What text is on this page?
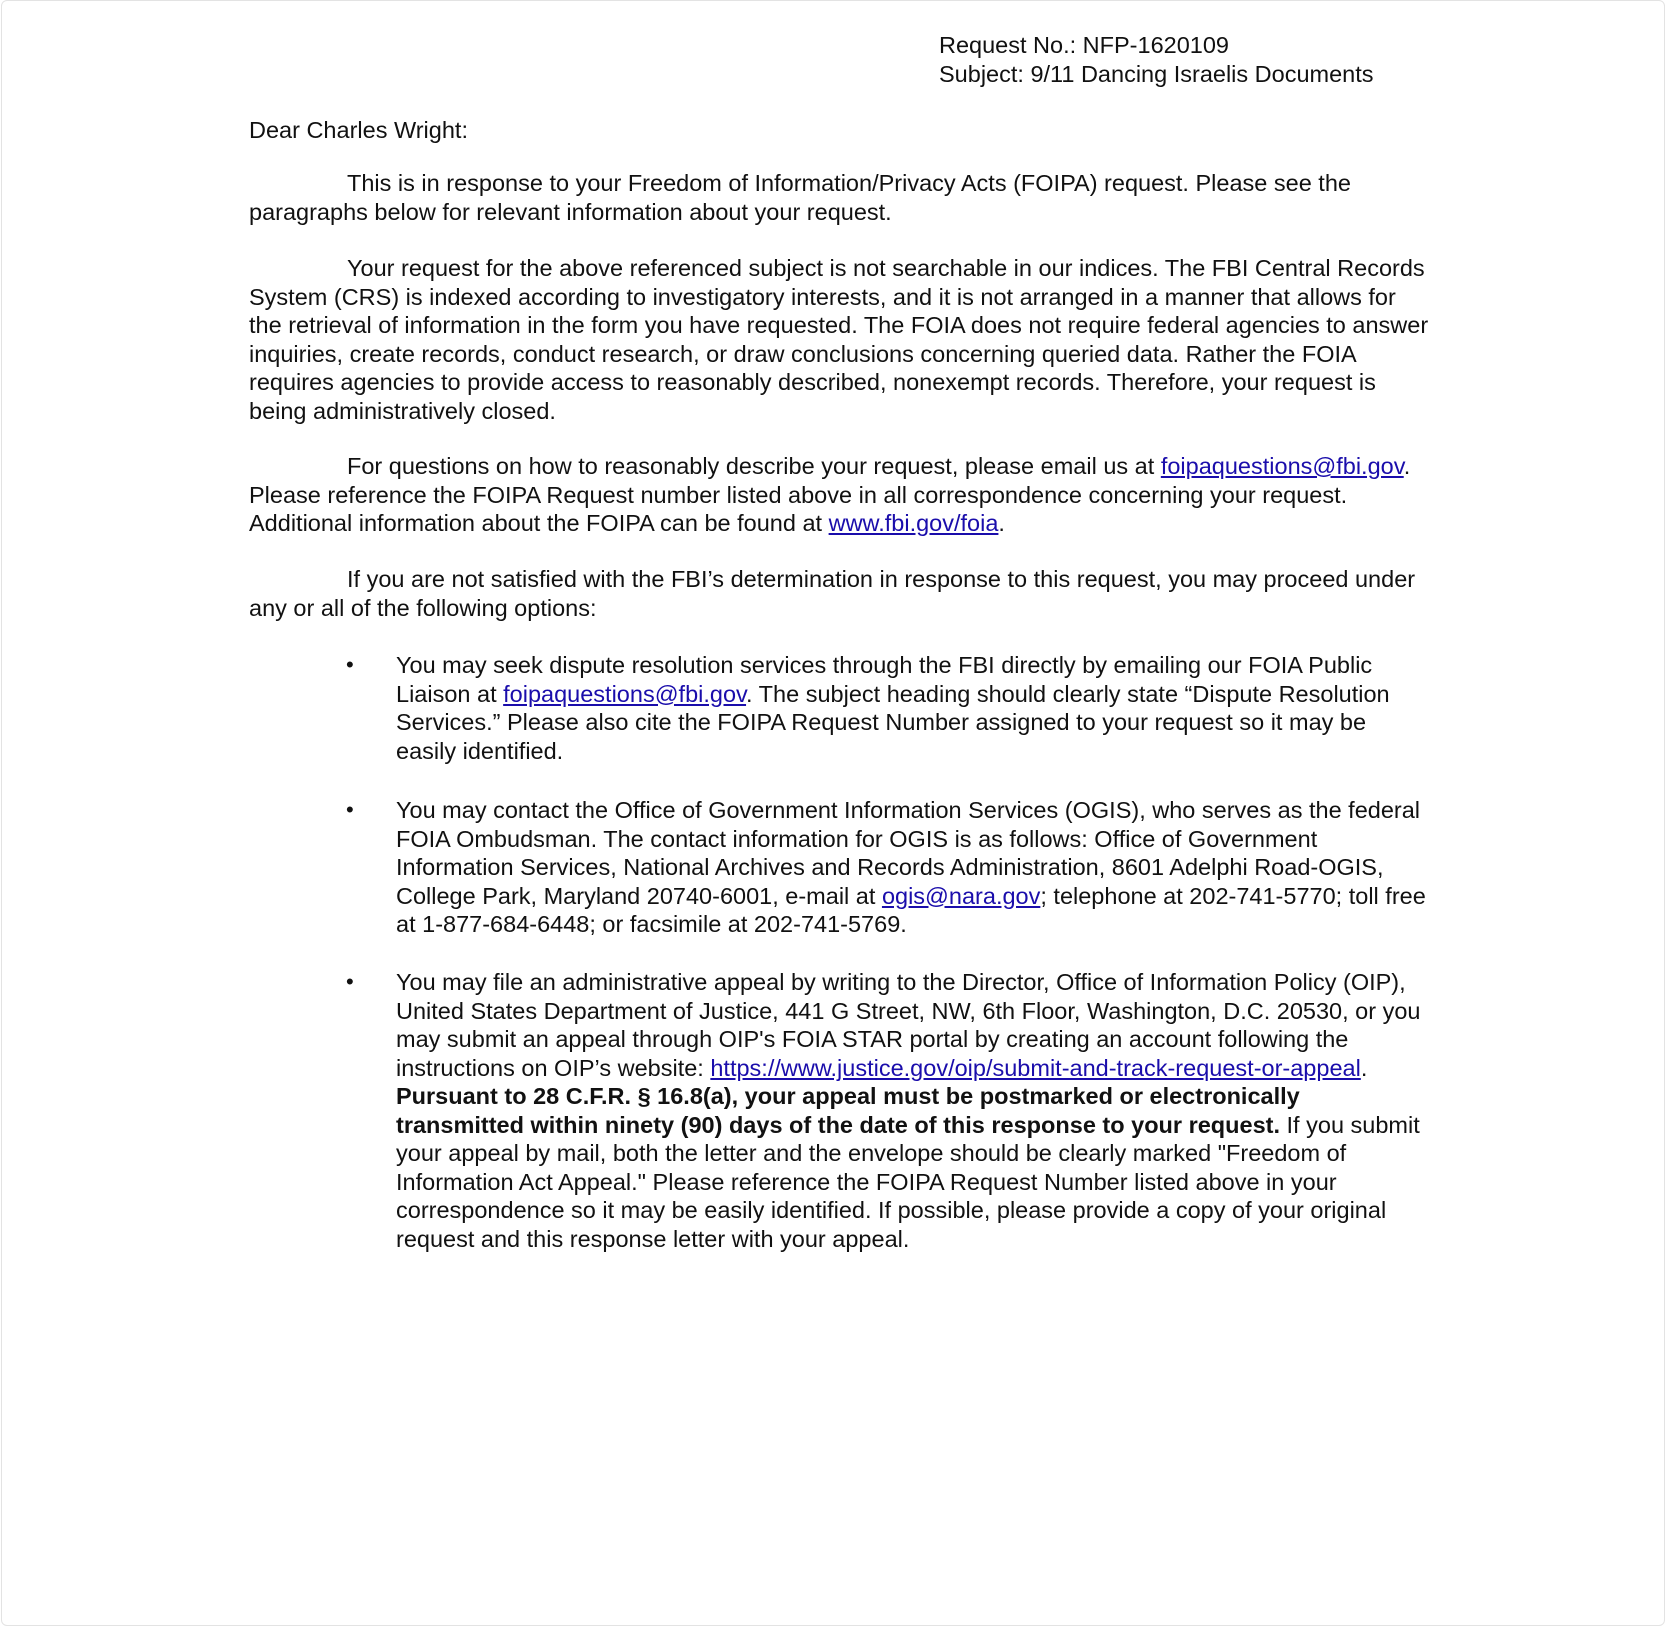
Request No.: NFP-1620109
Subject: 9/11 Dancing Israelis Documents
Dear Charles Wright:

This is in response to your Freedom of Information/Privacy Acts (FOIPA) request. Please see the paragraphs below for relevant information about your request.

Your request for the above referenced subject is not searchable in our indices. The FBI Central Records System (CRS) is indexed according to investigatory interests, and it is not arranged in a manner that allows for the retrieval of information in the form you have requested. The FOIA does not require federal agencies to answer inquiries, create records, conduct research, or draw conclusions concerning queried data. Rather the FOIA requires agencies to provide access to reasonably described, nonexempt records. Therefore, your request is being administratively closed.

For questions on how to reasonably describe your request, please email us at foipaquestions@fbi.gov. Please reference the FOIPA Request number listed above in all correspondence concerning your request. Additional information about the FOIPA can be found at www.fbi.gov/foia.

If you are not satisfied with the FBI’s determination in response to this request, you may proceed under any or all of the following options:

• You may seek dispute resolution services through the FBI directly by emailing our FOIA Public Liaison at foipaquestions@fbi.gov. The subject heading should clearly state “Dispute Resolution Services.” Please also cite the FOIPA Request Number assigned to your request so it may be easily identified.
• You may contact the Office of Government Information Services (OGIS), who serves as the federal FOIA Ombudsman. The contact information for OGIS is as follows: Office of Government Information Services, National Archives and Records Administration, 8601 Adelphi Road-OGIS, College Park, Maryland 20740-6001, e-mail at ogis@nara.gov; telephone at 202-741-5770; toll free at 1-877-684-6448; or facsimile at 202-741-5769.
• You may file an administrative appeal by writing to the Director, Office of Information Policy (OIP), United States Department of Justice, 441 G Street, NW, 6th Floor, Washington, D.C. 20530, or you may submit an appeal through OIP's FOIA STAR portal by creating an account following the instructions on OIP’s website: https://www.justice.gov/oip/submit-and-track-request-or-appeal. Pursuant to 28 C.F.R. § 16.8(a), your appeal must be postmarked or electronically transmitted within ninety (90) days of the date of this response to your request. If you submit your appeal by mail, both the letter and the envelope should be clearly marked "Freedom of Information Act Appeal." Please reference the FOIPA Request Number listed above in your correspondence so it may be easily identified. If possible, please provide a copy of your original request and this response letter with your appeal.
